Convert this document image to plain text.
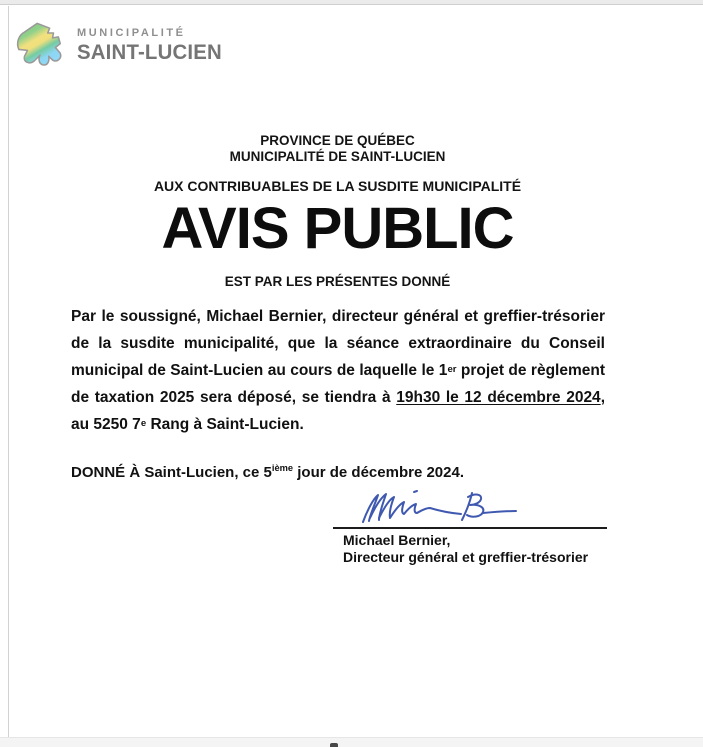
MUNICIPALITÉ
SAINT-LUCIEN
PROVINCE DE QUÉBEC
MUNICIPALITÉ DE SAINT-LUCIEN
AUX CONTRIBUABLES DE LA SUSDITE MUNICIPALITÉ
AVIS PUBLIC
EST PAR LES PRÉSENTES DONNÉ
Par le soussigné, Michael Bernier, directeur général et greffier-trésorier de la susdite municipalité, que la séance extraordinaire du Conseil municipal de Saint-Lucien au cours de laquelle le 1er projet de règlement de taxation 2025 sera déposé, se tiendra à 19h30 le 12 décembre 2024, au 5250 7e Rang à Saint-Lucien.
DONNÉ À Saint-Lucien, ce 5ième jour de décembre 2024.
Michael Bernier,
Directeur général et greffier-trésorier
